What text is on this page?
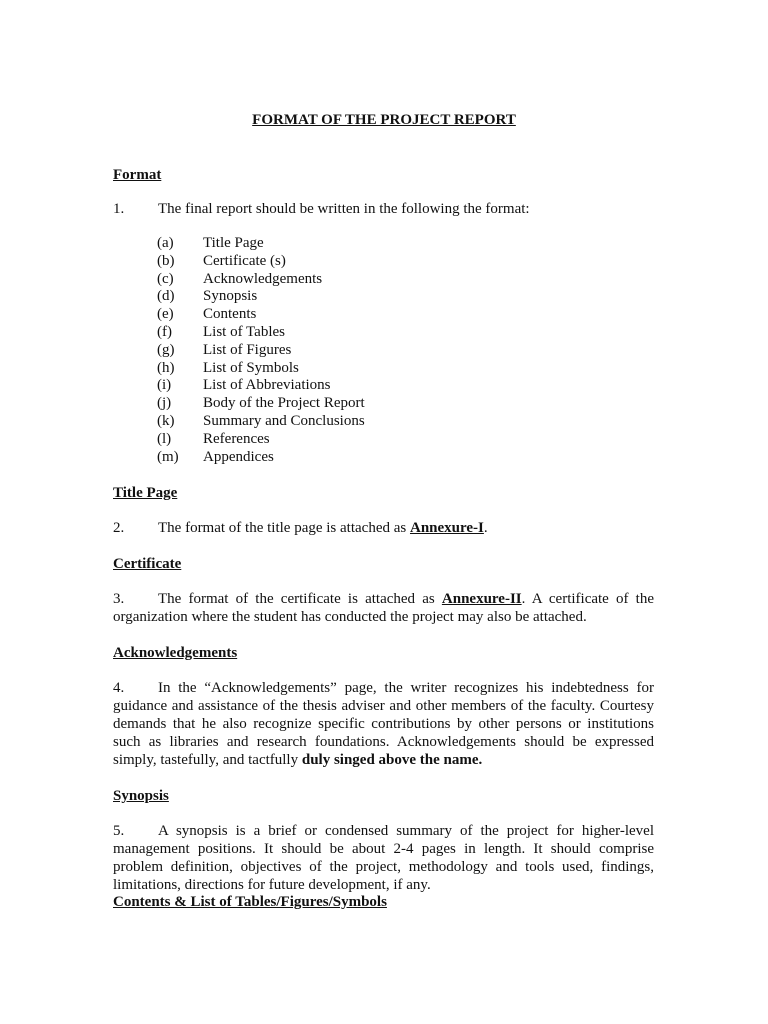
FORMAT OF THE PROJECT REPORT
Format
1. The final report should be written in the following the format:
(a) Title Page
(b) Certificate (s)
(c) Acknowledgements
(d) Synopsis
(e) Contents
(f) List of Tables
(g) List of Figures
(h) List of Symbols
(i) List of Abbreviations
(j) Body of the Project Report
(k) Summary and Conclusions
(l) References
(m) Appendices
Title Page
2. The format of the title page is attached as Annexure-I.
Certificate
3. The format of the certificate is attached as Annexure-II. A certificate of the organization where the student has conducted the project may also be attached.
Acknowledgements
4. In the “Acknowledgements” page, the writer recognizes his indebtedness for guidance and assistance of the thesis adviser and other members of the faculty. Courtesy demands that he also recognize specific contributions by other persons or institutions such as libraries and research foundations. Acknowledgements should be expressed simply, tastefully, and tactfully duly singed above the name.
Synopsis
5. A synopsis is a brief or condensed summary of the project for higher-level management positions. It should be about 2-4 pages in length. It should comprise problem definition, objectives of the project, methodology and tools used, findings, limitations, directions for future development, if any.
Contents & List of Tables/Figures/Symbols
